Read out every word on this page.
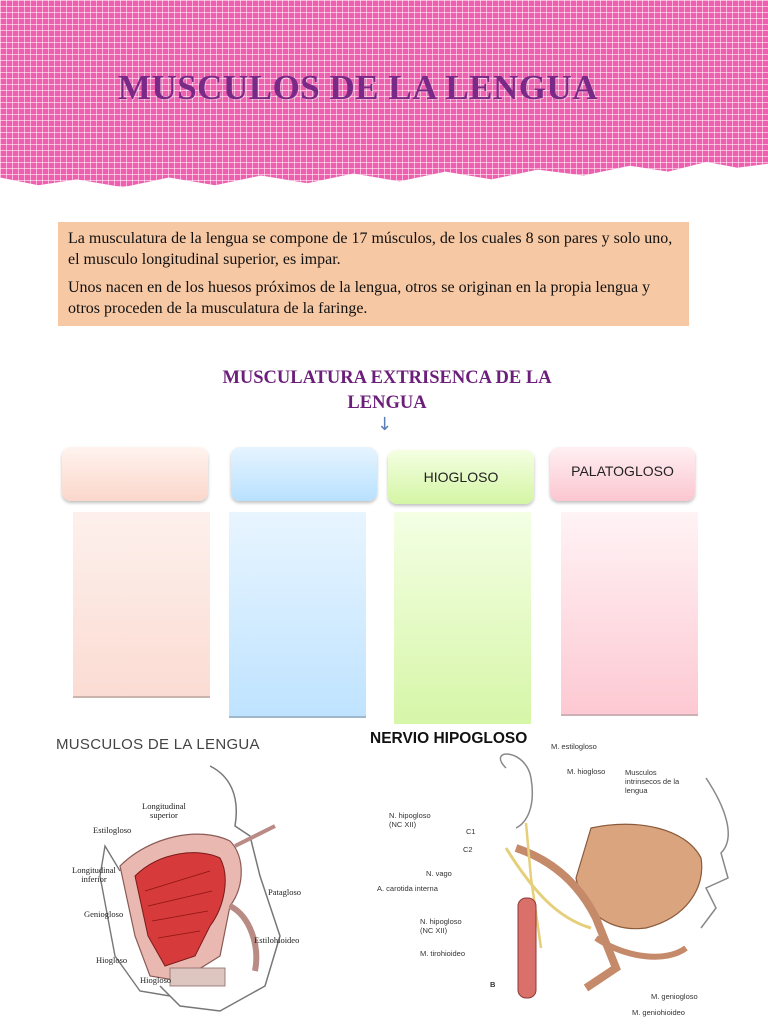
MUSCULOS DE LA LENGUA

La musculatura de la lengua se compone de 17 músculos, de los cuales 8 son pares y solo uno, el musculo longitudinal superior, es impar.

Unos nacen en de los huesos próximos de la lengua, otros se originan en la propia lengua y otros proceden de la musculatura de la faringe.

MUSCULATURA EXTRISENCA DE LA LENGUA
↓
HIOGLOSO	PALATOGLOSO
MUSCULOS DE LA LENGUA
Longitudinal
superior
Estilogloso
Longitudinal
inferior
Geniogloso
Hiogloso
Hiogloso
Patagloso
Estilohioideo
NERVIO HIPOGLOSO	M. estilogloso
M. hiogloso	Musculos
intrinsecos de la
lengua
N. hipogloso
(NC XII)
C1
C2
N. vago
A. carotida interna
N. hipogloso
(NC XII)
M. tirohioideo
B
M. geniogloso
M. geniohioideo
